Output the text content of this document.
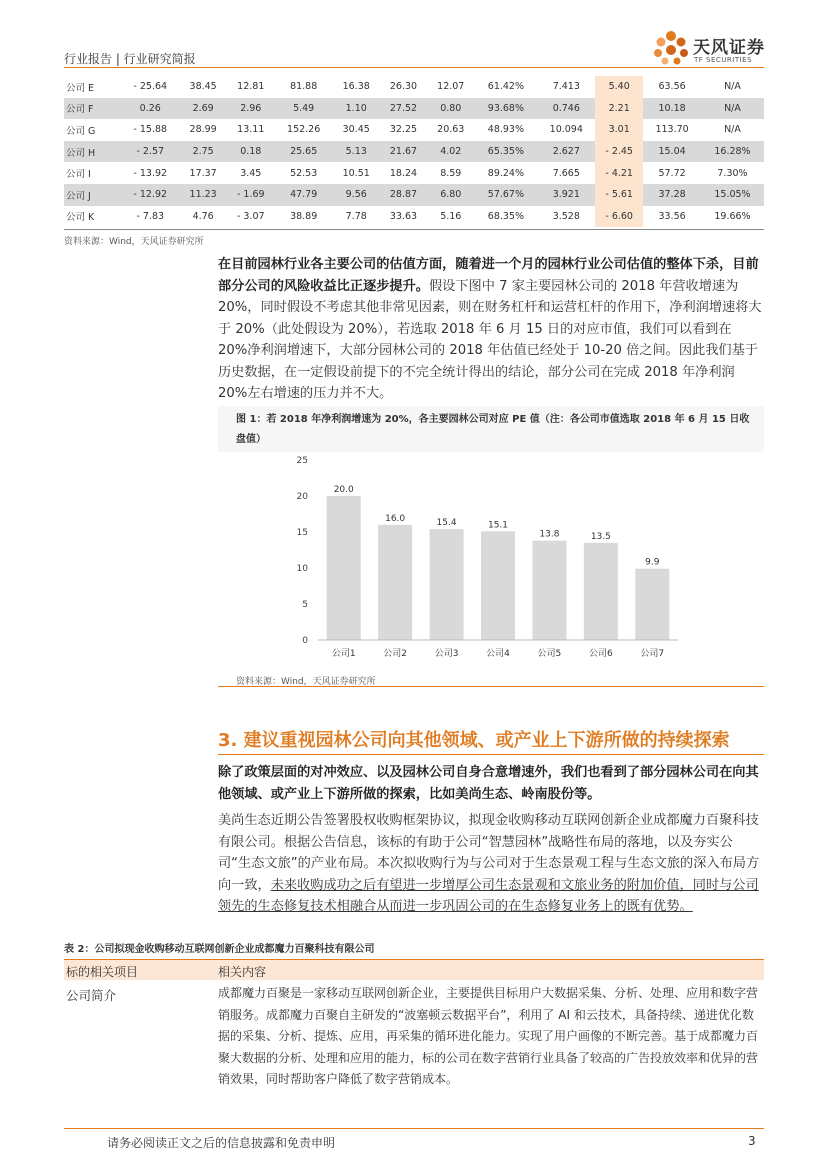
行业报告 | 行业研究简报
天风证券
TF SECURITIES
公司 E	- 25.64	38.45	12.81	81.88	16.38	26.30	12.07	61.42%	7.413	5.40	63.56	N/A
公司 F	0.26	2.69	2.96	5.49	1.10	27.52	0.80	93.68%	0.746	2.21	10.18	N/A
公司 G	- 15.88	28.99	13.11	152.26	30.45	32.25	20.63	48.93%	10.094	3.01	113.70	N/A
公司 H	- 2.57	2.75	0.18	25.65	5.13	21.67	4.02	65.35%	2.627	- 2.45	15.04	16.28%
公司 I	- 13.92	17.37	3.45	52.53	10.51	18.24	8.59	89.24%	7.665	- 4.21	57.72	7.30%
公司 J	- 12.92	11.23	- 1.69	47.79	9.56	28.87	6.80	57.67%	3.921	- 5.61	37.28	15.05%
公司 K	- 7.83	4.76	- 3.07	38.89	7.78	33.63	5.16	68.35%	3.528	- 6.60	33.56	19.66%
资料来源：Wind，天风证券研究所
在目前园林行业各主要公司的估值方面，随着进一个月的园林行业公司估值的整体下杀，目前部分公司的风险收益比正逐步提升。假设下图中 7 家主要园林公司的 2018 年营收增速为 20%，同时假设不考虑其他非常见因素，则在财务杠杆和运营杠杆的作用下，净利润增速将大于 20%（此处假设为 20%），若选取 2018 年 6 月 15 日的对应市值，我们可以看到在 20%净利润增速下，大部分园林公司的 2018 年估值已经处于 10-20 倍之间。因此我们基于历史数据，在一定假设前提下的不完全统计得出的结论，部分公司在完成 2018 年净利润 20%左右增速的压力并不大。
图 1：若 2018 年净利润增速为 20%，各主要园林公司对应 PE 值（注：各公司市值选取 2018 年 6 月 15 日收盘值）
0
5
10
15
20
25
20.0
公司1
16.0
公司2
15.4
公司3
15.1
公司4
13.8
公司5
13.5
公司6
9.9
公司7
资料来源：Wind，天风证券研究所
3. 建议重视园林公司向其他领域、或产业上下游所做的持续探索
除了政策层面的对冲效应、以及园林公司自身合意增速外，我们也看到了部分园林公司在向其他领域、或产业上下游所做的探索，比如美尚生态、岭南股份等。
美尚生态近期公告签署股权收购框架协议，拟现金收购移动互联网创新企业成都魔力百聚科技有限公司。根据公告信息，该标的有助于公司“智慧园林”战略性布局的落地，以及夯实公司“生态文旅”的产业布局。本次拟收购行为与公司对于生态景观工程与生态文旅的深入布局方向一致，未来收购成功之后有望进一步增厚公司生态景观和文旅业务的附加价值，同时与公司领先的生态修复技术相融合从而进一步巩固公司的在生态修复业务上的既有优势。
表 2：公司拟现金收购移动互联网创新企业成都魔力百聚科技有限公司
标的相关项目	相关内容
公司简介	成都魔力百聚是一家移动互联网创新企业，主要提供目标用户大数据采集、分析、处理、应用和数字营销服务。成都魔力百聚自主研发的“波塞顿云数据平台”，利用了 AI 和云技术，具备持续、递进优化数据的采集、分析、提炼、应用，再采集的循环进化能力。实现了用户画像的不断完善。基于成都魔力百聚大数据的分析、处理和应用的能力，标的公司在数字营销行业具备了较高的广告投放效率和优异的营销效果，同时帮助客户降低了数字营销成本。
请务必阅读正文之后的信息披露和免责申明	3
